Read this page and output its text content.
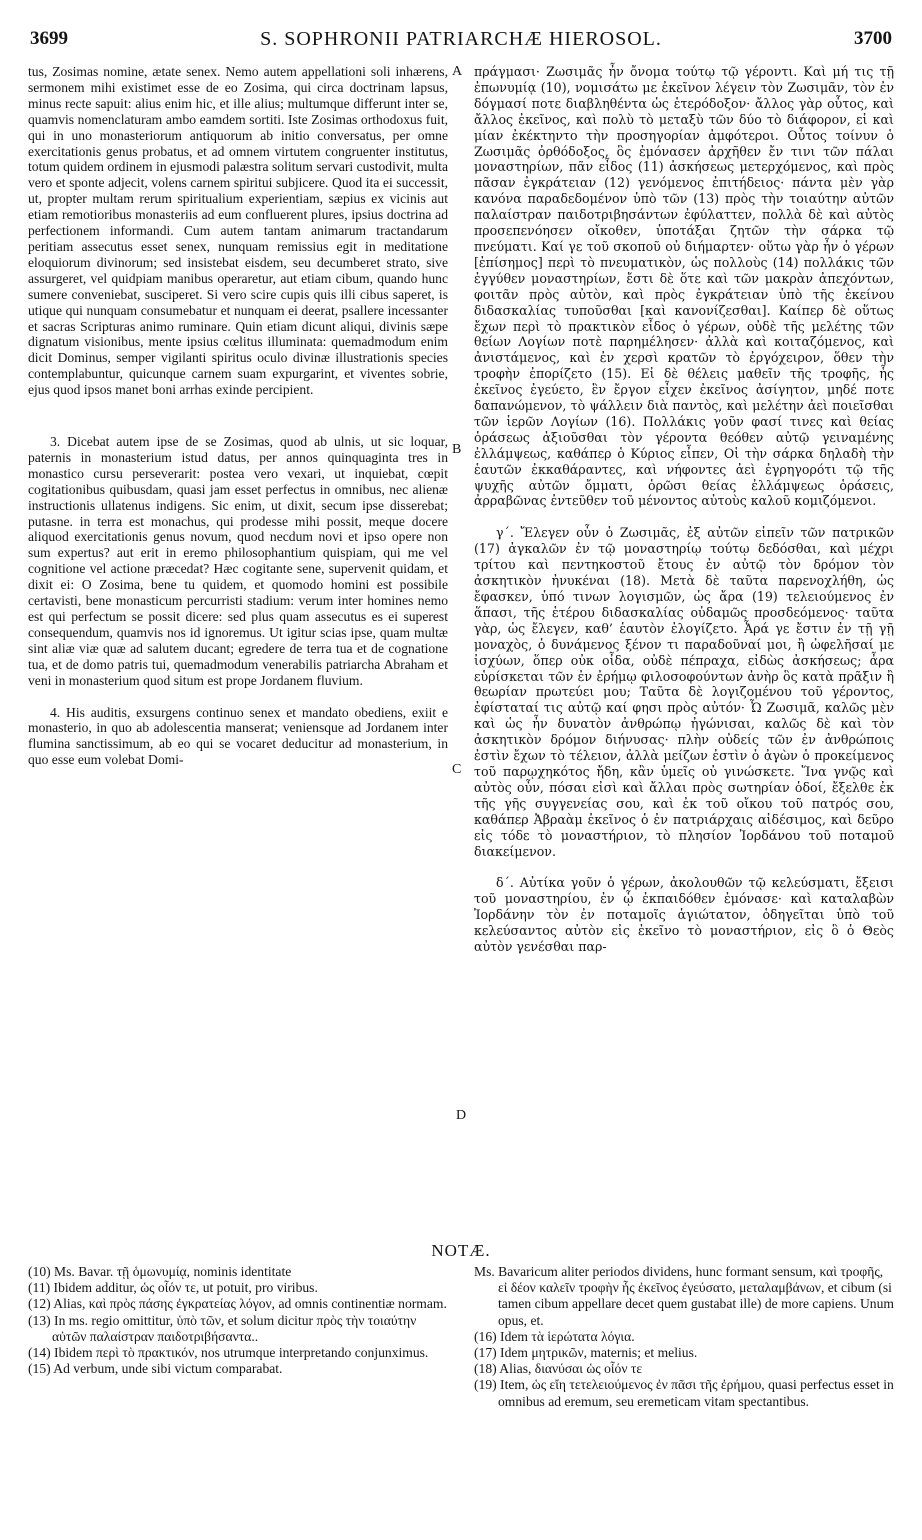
3699	S. SOPHRONII PATRIARCHÆ HIEROSOL.	3700

tus, Zosimas nomine, ætate senex. Nemo autem appellationi soli inhærens, sermonem mihi existimet esse de eo Zosima, qui circa doctrinam lapsus, minus recte sapuit: alius enim hic, et ille alius; multumque differunt inter se, quamvis nomenclaturam ambo eamdem sortiti. Iste Zosimas orthodoxus fuit, qui in uno monasteriorum antiquorum ab initio conversatus, per omne exercitationis genus probatus, et ad omnem virtutem congruenter institutus, totum quidem ordinem in ejusmodi palæstra solitum servari custodivit, multa vero et sponte adjecit, volens carnem spiritui subjicere. Quod ita ei successit, ut, propter multam rerum spiritualium experientiam, sæpius ex vicinis aut etiam remotioribus monasteriis ad eum confluerent plures, ipsius doctrina ad perfectionem informandi. Cum autem tantam animarum tractandarum peritiam assecutus esset senex, nunquam remissius egit in meditatione eloquiorum divinorum; sed insistebat eisdem, seu decumberet strato, sive assurgeret, vel quidpiam manibus operaretur, aut etiam cibum, quando hunc sumere conveniebat, susciperet. Si vero scire cupis quis illi cibus saperet, is utique qui nunquam consumebatur et nunquam ei deerat, psallere incessanter et sacras Scripturas animo ruminare. Quin etiam dicunt aliqui, divinis sæpe dignatum visionibus, mente ipsius cœlitus illuminata: quemadmodum enim dicit Dominus, semper vigilanti spiritus oculo divinæ illustrationis species contemplabuntur, quicunque carnem suam expurgarint, et viventes sobrie, ejus quod ipsos manet boni arrhas exinde percipient.

3. Dicebat autem ipse de se Zosimas, quod ab ulnis, ut sic loquar, paternis in monasterium istud datus, per annos quinquaginta tres in monastico cursu perseverarit: postea vero vexari, ut inquiebat, cœpit cogitationibus quibusdam, quasi jam esset perfectus in omnibus, nec alienæ instructionis ullatenus indigens. Sic enim, ut dixit, secum ipse disserebat; putasne. in terra est monachus, qui prodesse mihi possit, meque docere aliquod exercitationis genus novum, quod necdum novi et ipso opere non sum expertus? aut erit in eremo philosophantium quispiam, qui me vel cognitione vel actione præcedat? Hæc cogitante sene, supervenit quidam, et dixit ei: O Zosima, bene tu quidem, et quomodo homini est possibile certavisti, bene monasticum percurristi stadium: verum inter homines nemo est qui perfectum se possit dicere: sed plus quam assecutus es ei superest consequendum, quamvis nos id ignoremus. Ut igitur scias ipse, quam multæ sint aliæ viæ quæ ad salutem ducant; egredere de terra tua et de cognatione tua, et de domo patris tui, quemadmodum venerabilis patriarcha Abraham et veni in monasterium quod situm est prope Jordanem fluvium.

4. His auditis, exsurgens continuo senex et mandato obediens, exiit e monasterio, in quo ab adolescentia manserat; veniensque ad Jordanem inter flumina sanctissimum, ab eo qui se vocaret deducitur ad monasterium, in quo esse eum volebat Domi-

A
B
C
D

πράγμασι· Ζωσιμᾶς ἦν ὄνομα τούτῳ τῷ γέροντι. Καὶ μή τις τῇ ἐπωνυμίᾳ (10), νομισάτω με ἐκεῖνον λέγειν τὸν Ζωσιμᾶν, τὸν ἐν δόγμασί ποτε διαβληθέντα ὡς ἑτερόδοξον· ἄλλος γὰρ οὗτος, καὶ ἄλλος ἐκεῖνος, καὶ πολὺ τὸ μεταξὺ τῶν δύο τὸ διάφορον, εἰ καὶ μίαν ἐκέκτηντο τὴν προσηγορίαν ἀμφότεροι. Οὗτος τοίνυν ὁ Ζωσιμᾶς ὀρθόδοξος, ὃς ἐμόνασεν ἀρχῆθεν ἔν τινι τῶν πάλαι μοναστηρίων, πᾶν εἶδος (11) ἀσκήσεως μετερχόμενος, καὶ πρὸς πᾶσαν ἐγκράτειαν (12) γενόμενος ἐπιτήδειος· πάντα μὲν γὰρ κανόνα παραδεδομένον ὑπὸ τῶν (13) πρὸς τὴν τοιαύτην αὐτῶν παλαίστραν παιδοτριβησάντων ἐφύλαττεν, πολλὰ δὲ καὶ αὐτὸς προσεπενόησεν οἴκοθεν, ὑποτάξαι ζητῶν τὴν σάρκα τῷ πνεύματι. Καί γε τοῦ σκοποῦ οὐ διήμαρτεν· οὕτω γὰρ ἦν ὁ γέρων [ἐπίσημος] περὶ τὸ πνευματικὸν, ὡς πολλοὺς (14) πολλάκις τῶν ἐγγύθεν μοναστηρίων, ἔστι δὲ ὅτε καὶ τῶν μακρὰν ἀπεχόντων, φοιτᾶν πρὸς αὐτὸν, καὶ πρὸς ἐγκράτειαν ὑπὸ τῆς ἐκείνου διδασκαλίας τυποῦσθαι [καὶ κανονίζεσθαι]. Καίπερ δὲ οὕτως ἔχων περὶ τὸ πρακτικὸν εἶδος ὁ γέρων, οὐδὲ τῆς μελέτης τῶν θείων Λογίων ποτὲ παρημέλησεν· ἀλλὰ καὶ κοιταζόμενος, καὶ ἀνιστάμενος, καὶ ἐν χερσὶ κρατῶν τὸ ἐργόχειρον, ὅθεν τὴν τροφὴν ἐπορίζετο (15). Εἰ δὲ θέλεις μαθεῖν τῆς τροφῆς, ἧς ἐκεῖνος ἐγεύετο, ἓν ἔργον εἶχεν ἐκεῖνος ἀσίγητον, μηδέ ποτε δαπανώμενον, τὸ ψάλλειν διὰ παντὸς, καὶ μελέτην ἀεὶ ποιεῖσθαι τῶν ἱερῶν Λογίων (16). Πολλάκις γοῦν φασί τινες καὶ θείας ὁράσεως ἀξιοῦσθαι τὸν γέροντα θεόθεν αὐτῷ γειναμένης ἐλλάμψεως, καθάπερ ὁ Κύριος εἶπεν, Οἱ τὴν σάρκα δηλαδὴ τὴν ἑαυτῶν ἐκκαθάραντες, καὶ νήφοντες ἀεὶ ἐγρηγορότι τῷ τῆς ψυχῆς αὐτῶν ὄμματι, ὁρῶσι θείας ἐλλάμψεως ὁράσεις, ἀρραβῶνας ἐντεῦθεν τοῦ μένοντος αὐτοὺς καλοῦ κομιζόμενοι.

γ΄. Ἔλεγεν οὖν ὁ Ζωσιμᾶς, ἐξ αὐτῶν εἰπεῖν τῶν πατρικῶν (17) ἀγκαλῶν ἐν τῷ μοναστηρίῳ τούτῳ δεδόσθαι, καὶ μέχρι τρίτου καὶ πεντηκοστοῦ ἔτους ἐν αὐτῷ τὸν δρόμον τὸν ἀσκητικὸν ἠνυκέναι (18). Μετὰ δὲ ταῦτα παρενοχλήθη, ὡς ἔφασκεν, ὑπό τινων λογισμῶν, ὡς ἄρα (19) τελειούμενος ἐν ἅπασι, τῆς ἑτέρου διδασκαλίας οὐδαμῶς προσδεόμενος· ταῦτα γὰρ, ὡς ἔλεγεν, καθ’ ἑαυτὸν ἐλογίζετο. Ἆρά γε ἔστιν ἐν τῇ γῇ μοναχὸς, ὁ δυνάμενος ξένον τι παραδοῦναί μοι, ἢ ὠφελῆσαί με ἰσχύων, ὅπερ οὐκ οἶδα, οὐδὲ πέπραχα, εἰδὼς ἀσκήσεως; ἆρα εὑρίσκεται τῶν ἐν ἐρήμῳ φιλοσοφούντων ἀνὴρ ὃς κατὰ πρᾶξιν ἢ θεωρίαν πρωτεύει μου; Ταῦτα δὲ λογιζομένου τοῦ γέροντος, ἐφίσταταί τις αὐτῷ καί φησι πρὸς αὐτόν· Ὦ Ζωσιμᾶ, καλῶς μὲν καὶ ὡς ἦν δυνατὸν ἀνθρώπῳ ἠγώνισαι, καλῶς δὲ καὶ τὸν ἀσκητικὸν δρόμον διήνυσας· πλὴν οὐδείς τῶν ἐν ἀνθρώποις ἐστὶν ἔχων τὸ τέλειον, ἀλλὰ μείζων ἐστὶν ὁ ἀγὼν ὁ προκείμενος τοῦ παρῳχηκότος ἤδη, κἂν ὑμεῖς οὐ γινώσκετε. Ἵνα γνῷς καὶ αὐτὸς οὖν, πόσαι εἰσὶ καὶ ἄλλαι πρὸς σωτηρίαν ὁδοί, ἔξελθε ἐκ τῆς γῆς συγγενείας σου, καὶ ἐκ τοῦ οἴκου τοῦ πατρός σου, καθάπερ Ἀβραὰμ ἐκεῖνος ὁ ἐν πατριάρχαις αἰδέσιμος, καὶ δεῦρο εἰς τόδε τὸ μοναστήριον, τὸ πλησίον Ἰορδάνου τοῦ ποταμοῦ διακείμενον.

δ΄. Αὐτίκα γοῦν ὁ γέρων, ἀκολουθῶν τῷ κελεύσματι, ἔξεισι τοῦ μοναστηρίου, ἐν ᾧ ἐκπαιδόθεν ἐμόνασε· καὶ καταλαβὼν Ἰορδάνην τὸν ἐν ποταμοῖς ἁγιώτατον, ὁδηγεῖται ὑπὸ τοῦ κελεύσαντος αὐτὸν εἰς ἐκεῖνο τὸ μοναστήριον, εἰς ὃ ὁ Θεὸς αὐτὸν γενέσθαι παρ-

NOTÆ.

(10) Ms. Bavar. τῇ ὁμωνυμίᾳ, nominis identitate

(11) Ibidem additur, ὡς οἷόν τε, ut potuit, pro viribus.

(12) Alias, καὶ πρὸς πάσης ἐγκρατείας λόγον, ad omnis continentiæ normam.

(13) In ms. regio omittitur, ὑπὸ τῶν, et solum dicitur πρὸς τὴν τοιαύτην αὐτῶν παλαίστραν παιδοτριβήσαντα..

(14) Ibidem περὶ τὸ πρακτικόν, nos utrumque interpretando conjunximus.

(15) Ad verbum, unde sibi victum comparabat.

Ms. Bavaricum aliter periodos dividens, hunc formant sensum, καὶ τροφῆς, εἰ δέον καλεῖν τροφὴν ἧς ἐκεῖνος ἐγεύσατο, μεταλαμβάνων, et cibum (si tamen cibum appellare decet quem gustabat ille) de more capiens. Unum opus, et.

(16) Idem τὰ ἱερώτατα λόγια.

(17) Idem μητρικῶν, maternis; et melius.

(18) Alias, διανύσαι ὡς οἷόν τε

(19) Item, ὡς εἴη τετελειούμενος ἐν πᾶσι τῆς ἐρήμου, quasi perfectus esset in omnibus ad eremum, seu eremeticam vitam spectantibus.
